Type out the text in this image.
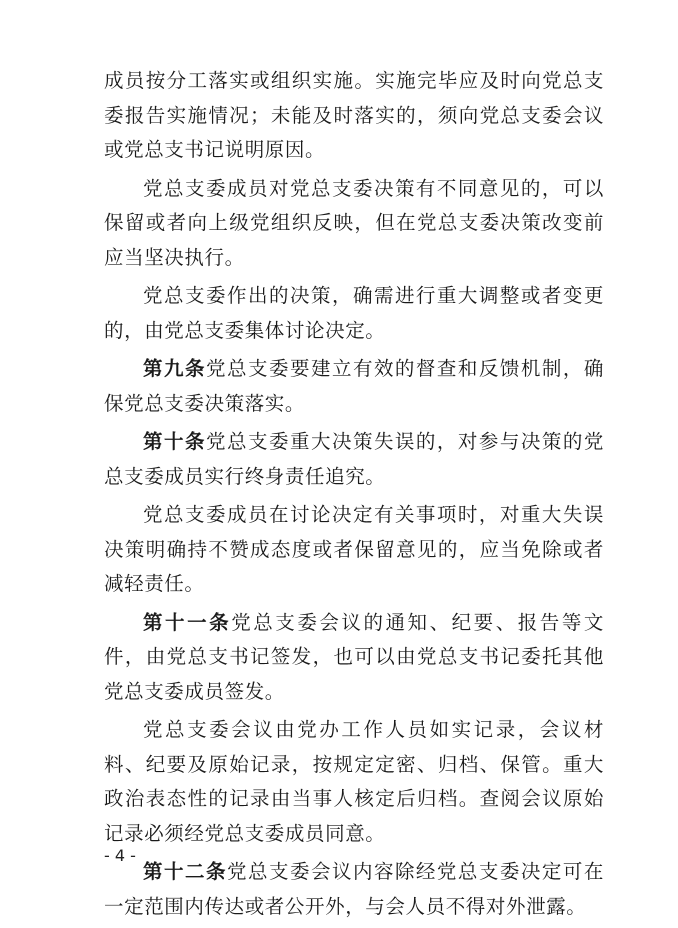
成员按分工落实或组织实施。实施完毕应及时向党总支委报告实施情况；未能及时落实的，须向党总支委会议或党总支书记说明原因。

党总支委成员对党总支委决策有不同意见的，可以保留或者向上级党组织反映，但在党总支委决策改变前应当坚决执行。

党总支委作出的决策，确需进行重大调整或者变更的，由党总支委集体讨论决定。

第九条党总支委要建立有效的督查和反馈机制，确保党总支委决策落实。

第十条党总支委重大决策失误的，对参与决策的党总支委成员实行终身责任追究。

党总支委成员在讨论决定有关事项时，对重大失误决策明确持不赞成态度或者保留意见的，应当免除或者减轻责任。

第十一条党总支委会议的通知、纪要、报告等文件，由党总支书记签发，也可以由党总支书记委托其他党总支委成员签发。

党总支委会议由党办工作人员如实记录，会议材料、纪要及原始记录，按规定定密、归档、保管。重大政治表态性的记录由当事人核定后归档。查阅会议原始记录必须经党总支委成员同意。

第十二条党总支委会议内容除经党总支委决定可在一定范围内传达或者公开外，与会人员不得对外泄露。

- 4 -
